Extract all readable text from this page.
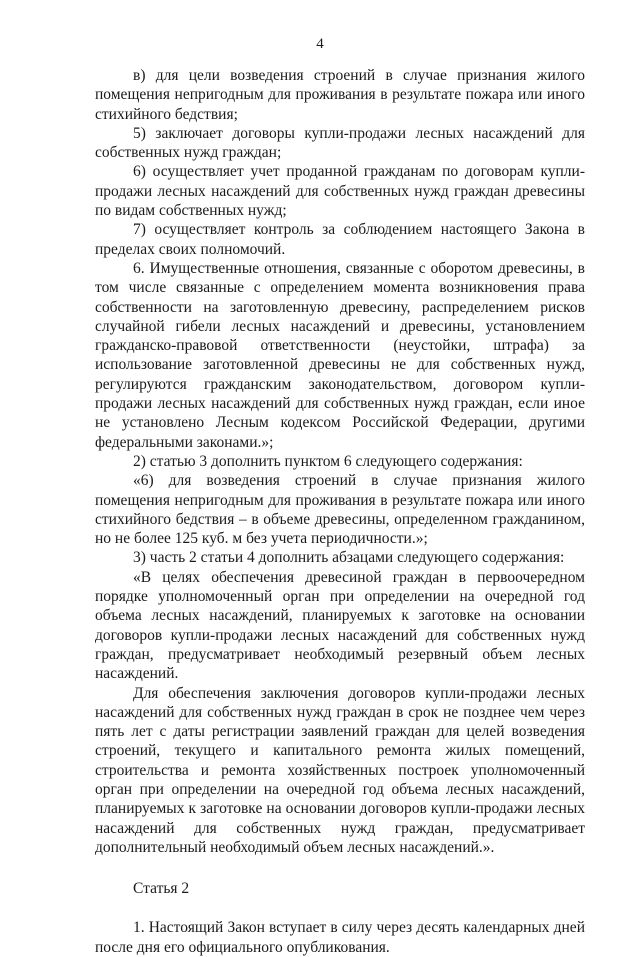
4

в) для цели возведения строений в случае признания жилого помещения непригодным для проживания в результате пожара или иного стихийного бедствия;

5) заключает договоры купли-продажи лесных насаждений для собственных нужд граждан;

6) осуществляет учет проданной гражданам по договорам купли-продажи лесных насаждений для собственных нужд граждан древесины по видам собственных нужд;

7) осуществляет контроль за соблюдением настоящего Закона в пределах своих полномочий.

6. Имущественные отношения, связанные с оборотом древесины, в том числе связанные с определением момента возникновения права собственности на заготовленную древесину, распределением рисков случайной гибели лесных насаждений и древесины, установлением гражданско-правовой ответственности (неустойки, штрафа) за использование заготовленной древесины не для собственных нужд, регулируются гражданским законодательством, договором купли-продажи лесных насаждений для собственных нужд граждан, если иное не установлено Лесным кодексом Российской Федерации, другими федеральными законами.»;

2) статью 3 дополнить пунктом 6 следующего содержания:

«6) для возведения строений в случае признания жилого помещения непригодным для проживания в результате пожара или иного стихийного бедствия – в объеме древесины, определенном гражданином, но не более 125 куб. м без учета периодичности.»;

3) часть 2 статьи 4 дополнить абзацами следующего содержания:

«В целях обеспечения древесиной граждан в первоочередном порядке уполномоченный орган при определении на очередной год объема лесных насаждений, планируемых к заготовке на основании договоров купли-продажи лесных насаждений для собственных нужд граждан, предусматривает необходимый резервный объем лесных насаждений.

Для обеспечения заключения договоров купли-продажи лесных насаждений для собственных нужд граждан в срок не позднее чем через пять лет с даты регистрации заявлений граждан для целей возведения строений, текущего и капитального ремонта жилых помещений, строительства и ремонта хозяйственных построек уполномоченный орган при определении на очередной год объема лесных насаждений, планируемых к заготовке на основании договоров купли-продажи лесных насаждений для собственных нужд граждан, предусматривает дополнительный необходимый объем лесных насаждений.».

Статья 2

1. Настоящий Закон вступает в силу через десять календарных дней после дня его официального опубликования.
